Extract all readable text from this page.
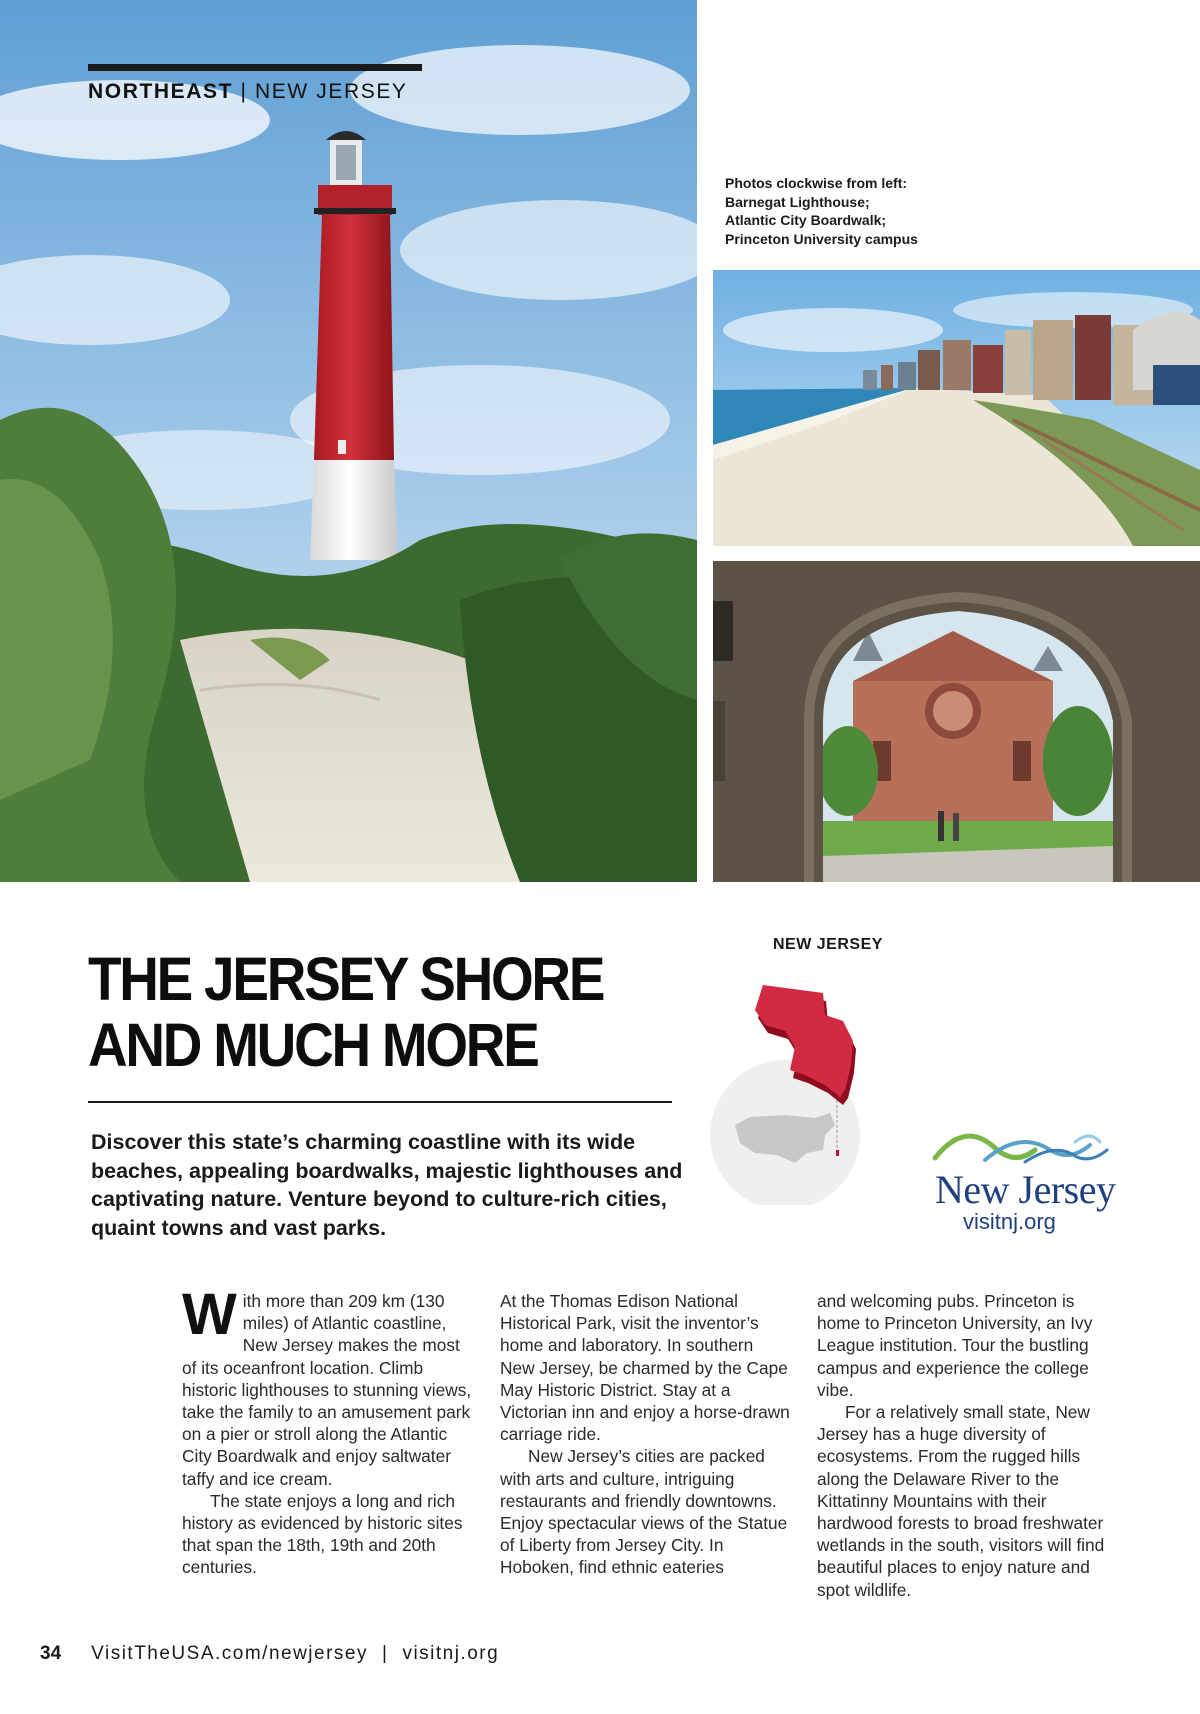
NORTHEAST | NEW JERSEY
Photos clockwise from left:
Barnegat Lighthouse;
Atlantic City Boardwalk;
Princeton University campus
THE JERSEY SHORE
AND MUCH MORE
Discover this state’s charming coastline with its wide beaches, appealing boardwalks, majestic lighthouses and captivating nature. Venture beyond to culture-rich cities, quaint towns and vast parks.
NEW JERSEY
New Jersey
visitnj.org

With more than 209 km (130 miles) of Atlantic coastline, New Jersey makes the most of its oceanfront location. Climb historic lighthouses to stunning views, take the family to an amusement park on a pier or stroll along the Atlantic City Boardwalk and enjoy saltwater taffy and ice cream.

The state enjoys a long and rich history as evidenced by historic sites that span the 18th, 19th and 20th centuries.

At the Thomas Edison National Historical Park, visit the inventor’s home and laboratory. In southern New Jersey, be charmed by the Cape May Historic District. Stay at a Victorian inn and enjoy a horse-drawn carriage ride.

New Jersey’s cities are packed with arts and culture, intriguing restaurants and friendly downtowns. Enjoy spectacular views of the Statue of Liberty from Jersey City. In Hoboken, find ethnic eateries

and welcoming pubs. Princeton is home to Princeton University, an Ivy League institution. Tour the bustling campus and experience the college vibe.

For a relatively small state, New Jersey has a huge diversity of ecosystems. From the rugged hills along the Delaware River to the Kittatinny Mountains with their hardwood forests to broad freshwater wetlands in the south, visitors will find beautiful places to enjoy nature and spot wildlife.

34 VisitTheUSA.com/newjersey | visitnj.org
